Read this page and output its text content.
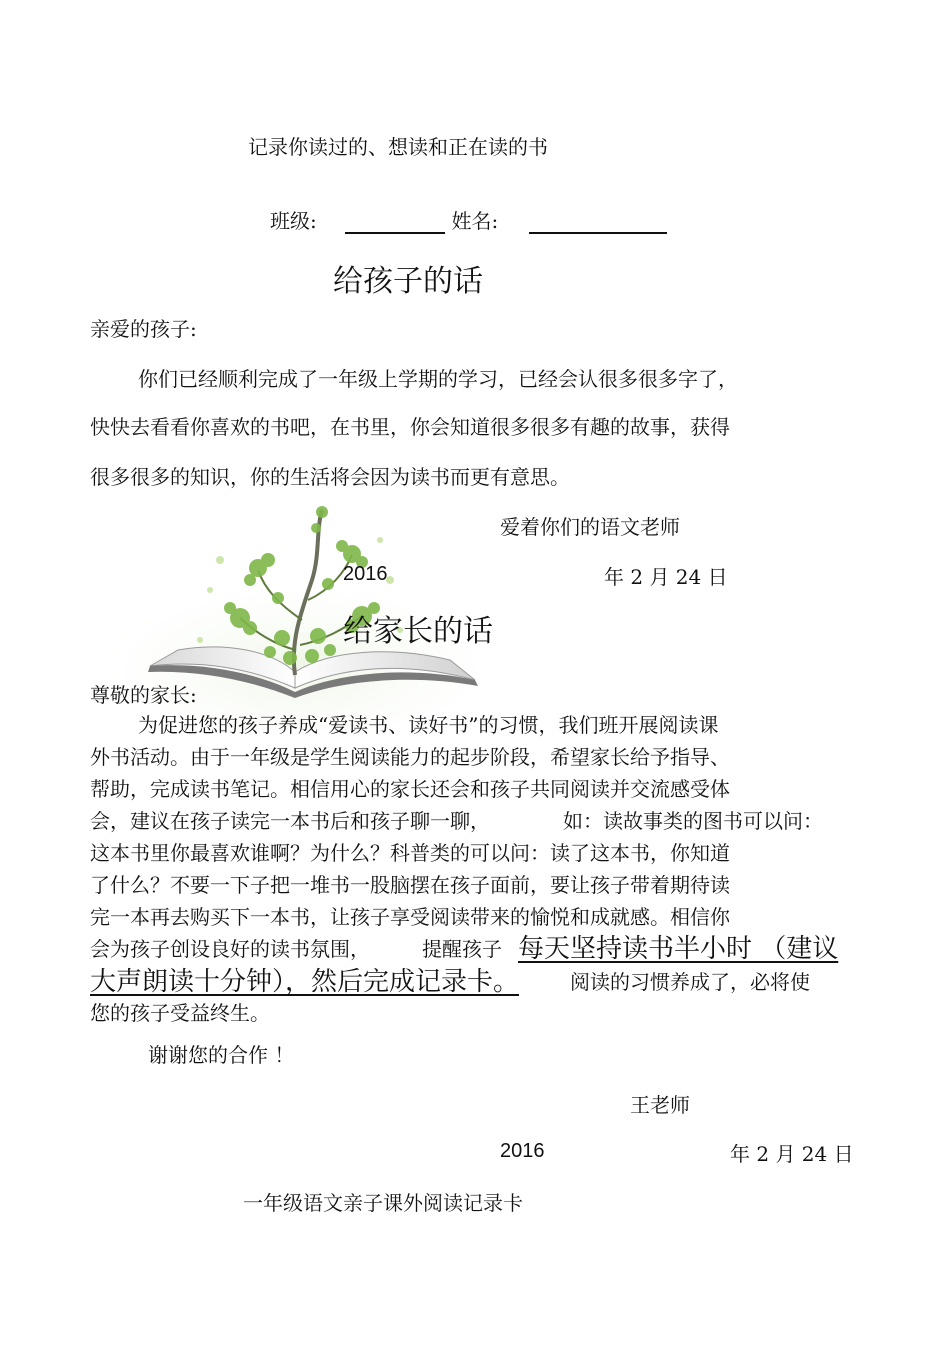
记录你读过的、想读和正在读的书
班级:	姓名:
给孩子的话
亲爱的孩子:
你们已经顺利完成了一年级上学期的学习，已经会认很多很多字了，
快快去看看你喜欢的书吧，在书里，你会知道很多很多有趣的故事，获得
很多很多的知识，你的生活将会因为读书而更有意思。
爱着你们的语文老师
2016	年 2 月 24 日
给家长的话
尊敬的家长:
为促进您的孩子养成“爱读书、读好书”的习惯，我们班开展阅读课
外书活动。由于一年级是学生阅读能力的起步阶段，希望家长给予指导、
帮助，完成读书笔记。相信用心的家长还会和孩子共同阅读并交流感受体
会，建议在孩子读完一本书后和孩子聊一聊，	如：读故事类的图书可以问：
这本书里你最喜欢谁啊？为什么？科普类的可以问：读了这本书，你知道
了什么？不要一下子把一堆书一股脑摆在孩子面前，要让孩子带着期待读
完一本再去购买下一本书，让孩子享受阅读带来的愉悦和成就感。相信你
会为孩子创设良好的读书氛围，	提醒孩子 每天坚持读书半小时 （建议
大声朗读十分钟），然后完成记录卡。	阅读的习惯养成了，必将使
您的孩子受益终生。
谢谢您的合作 ！
王老师
2016	年 2 月 24 日
一年级语文亲子课外阅读记录卡
